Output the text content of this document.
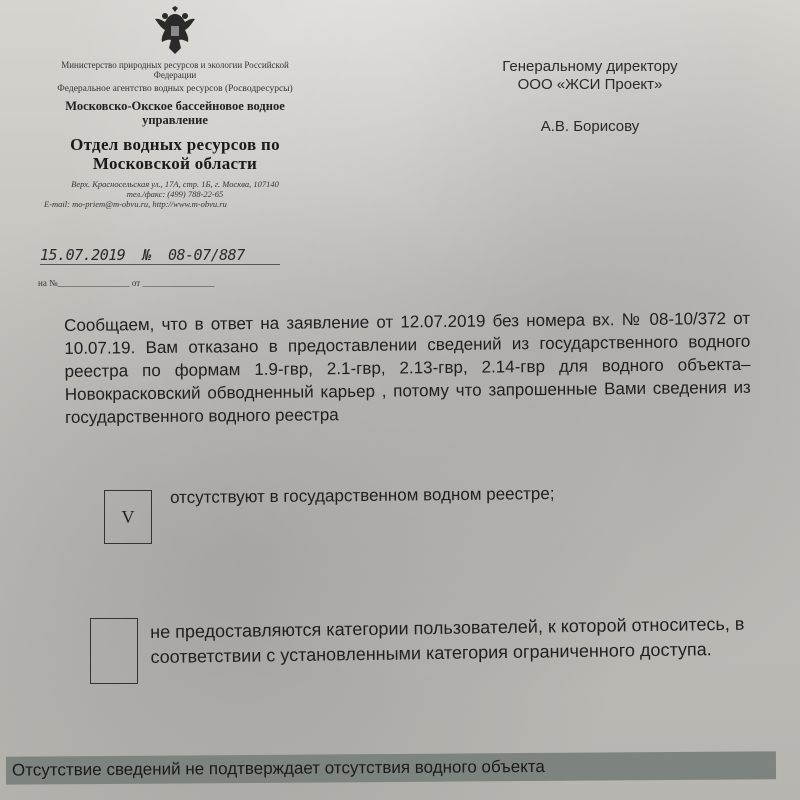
Министерство природных ресурсов и экологии Российской Федерации
Федеральное агентство водных ресурсов (Росводресурсы)
Московско-Окское бассейновое водное управление
Отдел водных ресурсов по Московской области
Верх. Красносельская ул., 17А, стр. 1Б, г. Москва, 107140
тел./факс: (499) 788-22-65
E-mail: mo-priem@m-obvu.ru, http://www.m-obvu.ru
15.07.2019  №  08-07/887
на №________________ от ________________
Генеральному директору
ООО «ЖСИ Проект»
А.В. Борисову
Сообщаем, что в ответ на заявление от 12.07.2019 без номера вх. № 08-10/372 от 10.07.19. Вам отказано в предоставлении сведений из государственного водного реестра по формам 1.9-гвр, 2.1-гвр, 2.13-гвр, 2.14-гвр для водного объекта– Новокрасковский обводненный карьер , потому что запрошенные Вами сведения из государственного водного реестра
V
отсутствуют в государственном водном реестре;
не предоставляются категории пользователей, к которой относитесь, в соответствии с установленными категория ограниченного доступа.
Отсутствие сведений не подтверждает отсутствия водного объекта
